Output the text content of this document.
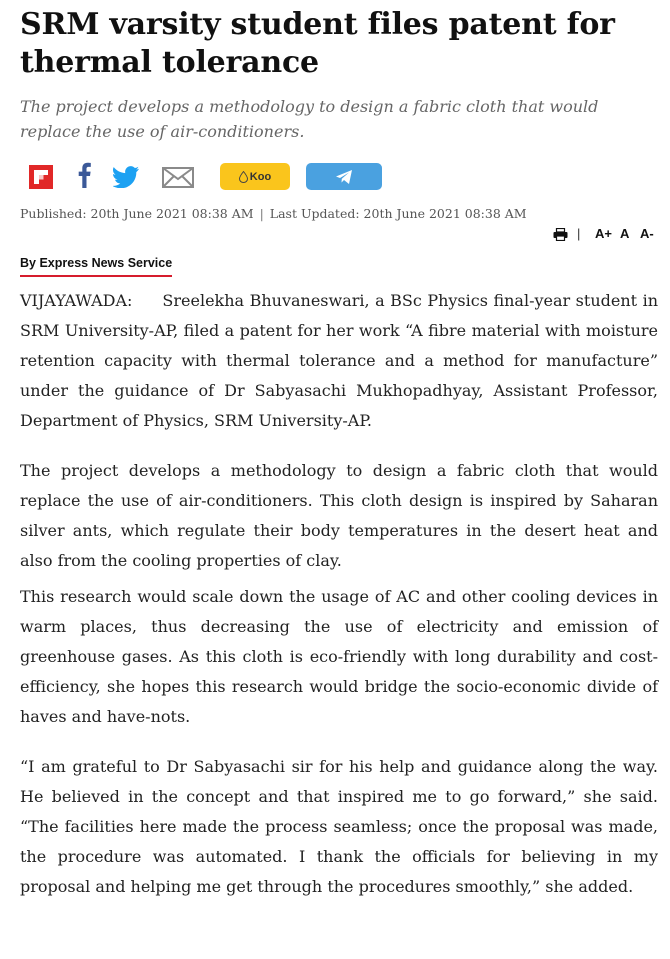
SRM varsity student files patent for thermal tolerance

The project develops a methodology to design a fabric cloth that would replace the use of air-conditioners.

Koo
Published: 20th June 2021 08:38 AM | Last Updated: 20th June 2021 08:38 AM
| A+ A A-
By Express News Service

VIJAYAWADA: Sreelekha Bhuvaneswari, a BSc Physics final-year student in SRM University-AP, filed a patent for her work “A fibre material with moisture retention capacity with thermal tolerance and a method for manufacture” under the guidance of Dr Sabyasachi Mukhopadhyay, Assistant Professor, Department of Physics, SRM University-AP.

The project develops a methodology to design a fabric cloth that would replace the use of air-conditioners. This cloth design is inspired by Saharan silver ants, which regulate their body temperatures in the desert heat and also from the cooling properties of clay.

This research would scale down the usage of AC and other cooling devices in warm places, thus decreasing the use of electricity and emission of greenhouse gases. As this cloth is eco-friendly with long durability and cost-efficiency, she hopes this research would bridge the socio-economic divide of haves and have-nots.

“I am grateful to Dr Sabyasachi sir for his help and guidance along the way. He believed in the concept and that inspired me to go forward,” she said. “The facilities here made the process seamless; once the proposal was made, the procedure was automated. I thank the officials for believing in my proposal and helping me get through the procedures smoothly,” she added.
